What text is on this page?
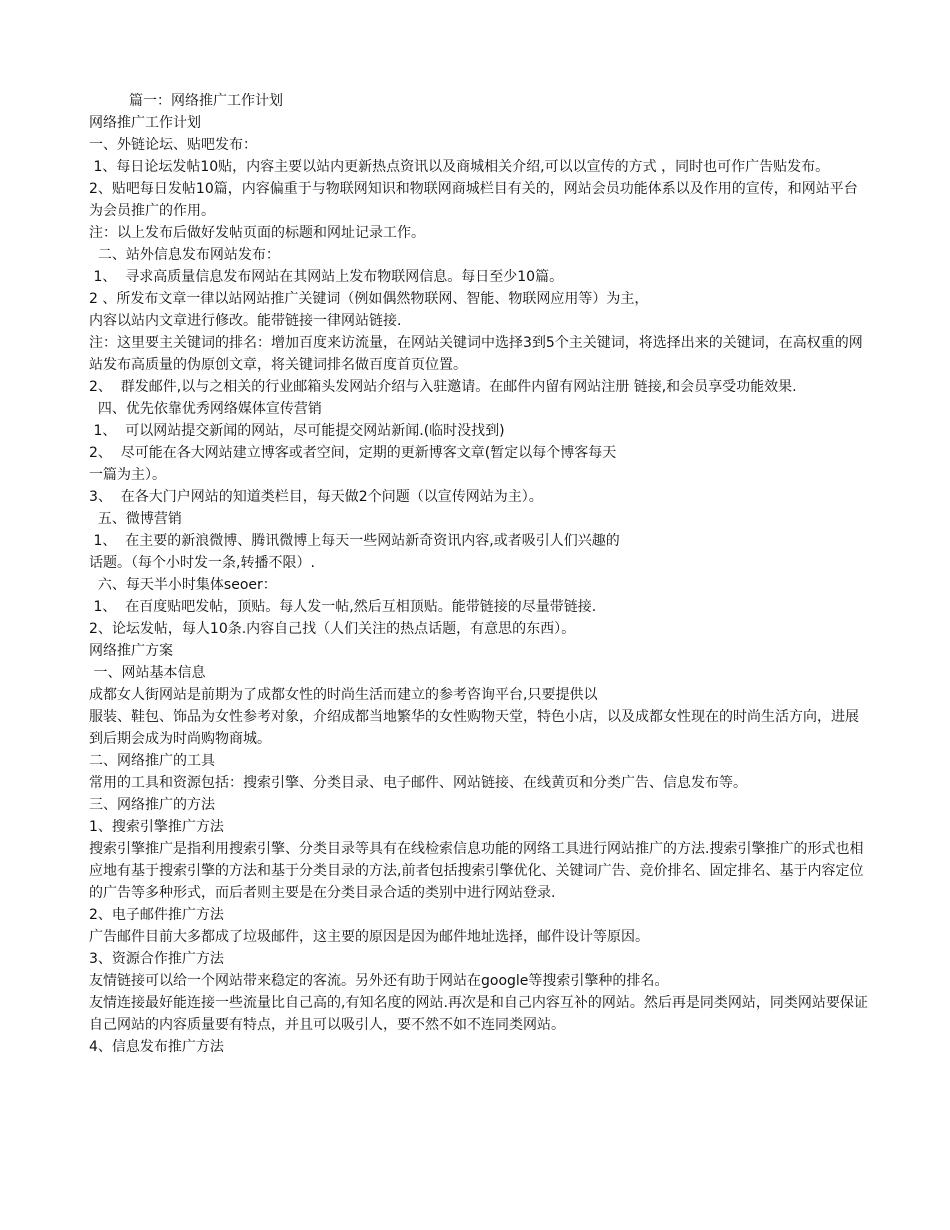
篇一：网络推广工作计划

网络推广工作计划

一、外链论坛、贴吧发布：

1、每日论坛发帖10贴，内容主要以站内更新热点资讯以及商城相关介绍,可以以宣传的方式 ，同时也可作广告贴发布。

2、贴吧每日发帖10篇，内容偏重于与物联网知识和物联网商城栏目有关的，网站会员功能体系以及作用的宣传，和网站平台为会员推广的作用。

注：以上发布后做好发帖页面的标题和网址记录工作。

二、站外信息发布网站发布：

1、  寻求高质量信息发布网站在其网站上发布物联网信息。每日至少10篇。

2 、所发布文章一律以站网站推广关键词（例如偶然物联网、智能、物联网应用等）为主，

内容以站内文章进行修改。能带链接一律网站链接.

注：这里要主关键词的排名：增加百度来访流量，在网站关键词中选择3到5个主关键词，将选择出来的关键词，在高权重的网站发布高质量的伪原创文章，将关键词排名做百度首页位置。

2、  群发邮件,以与之相关的行业邮箱头发网站介绍与入驻邀请。在邮件内留有网站注册 链接,和会员享受功能效果.

四、优先依靠优秀网络媒体宣传营销

1、  可以网站提交新闻的网站，尽可能提交网站新闻.(临时没找到)

2、  尽可能在各大网站建立博客或者空间，定期的更新博客文章(暂定以每个博客每天

一篇为主）。

3、  在各大门户网站的知道类栏目，每天做2个问题（以宣传网站为主）。

五、微博营销

1、  在主要的新浪微博、腾讯微博上每天一些网站新奇资讯内容,或者吸引人们兴趣的

话题。（每个小时发一条,转播不限）.

六、每天半小时集体seoer：

1、  在百度贴吧发帖，顶贴。每人发一帖,然后互相顶贴。能带链接的尽量带链接.

2、论坛发帖，每人10条.内容自己找（人们关注的热点话题，有意思的东西）。

网络推广方案

一、网站基本信息

成都女人街网站是前期为了成都女性的时尚生活而建立的参考咨询平台,只要提供以

服装、鞋包、饰品为女性参考对象，介绍成都当地繁华的女性购物天堂，特色小店，以及成都女性现在的时尚生活方向，进展到后期会成为时尚购物商城。

二、网络推广的工具

常用的工具和资源包括：搜索引擎、分类目录、电子邮件、网站链接、在线黄页和分类广告、信息发布等。

三、网络推广的方法

1、搜索引擎推广方法

搜索引擎推广是指利用搜索引擎、分类目录等具有在线检索信息功能的网络工具进行网站推广的方法.搜索引擎推广的形式也相应地有基于搜索引擎的方法和基于分类目录的方法,前者包括搜索引擎优化、关键词广告、竞价排名、固定排名、基于内容定位的广告等多种形式，而后者则主要是在分类目录合适的类别中进行网站登录.

2、电子邮件推广方法

广告邮件目前大多都成了垃圾邮件，这主要的原因是因为邮件地址选择，邮件设计等原因。

3、资源合作推广方法

友情链接可以给一个网站带来稳定的客流。另外还有助于网站在google等搜索引擎种的排名。

友情连接最好能连接一些流量比自己高的,有知名度的网站.再次是和自己内容互补的网站。然后再是同类网站，同类网站要保证自己网站的内容质量要有特点，并且可以吸引人，要不然不如不连同类网站。

4、信息发布推广方法
